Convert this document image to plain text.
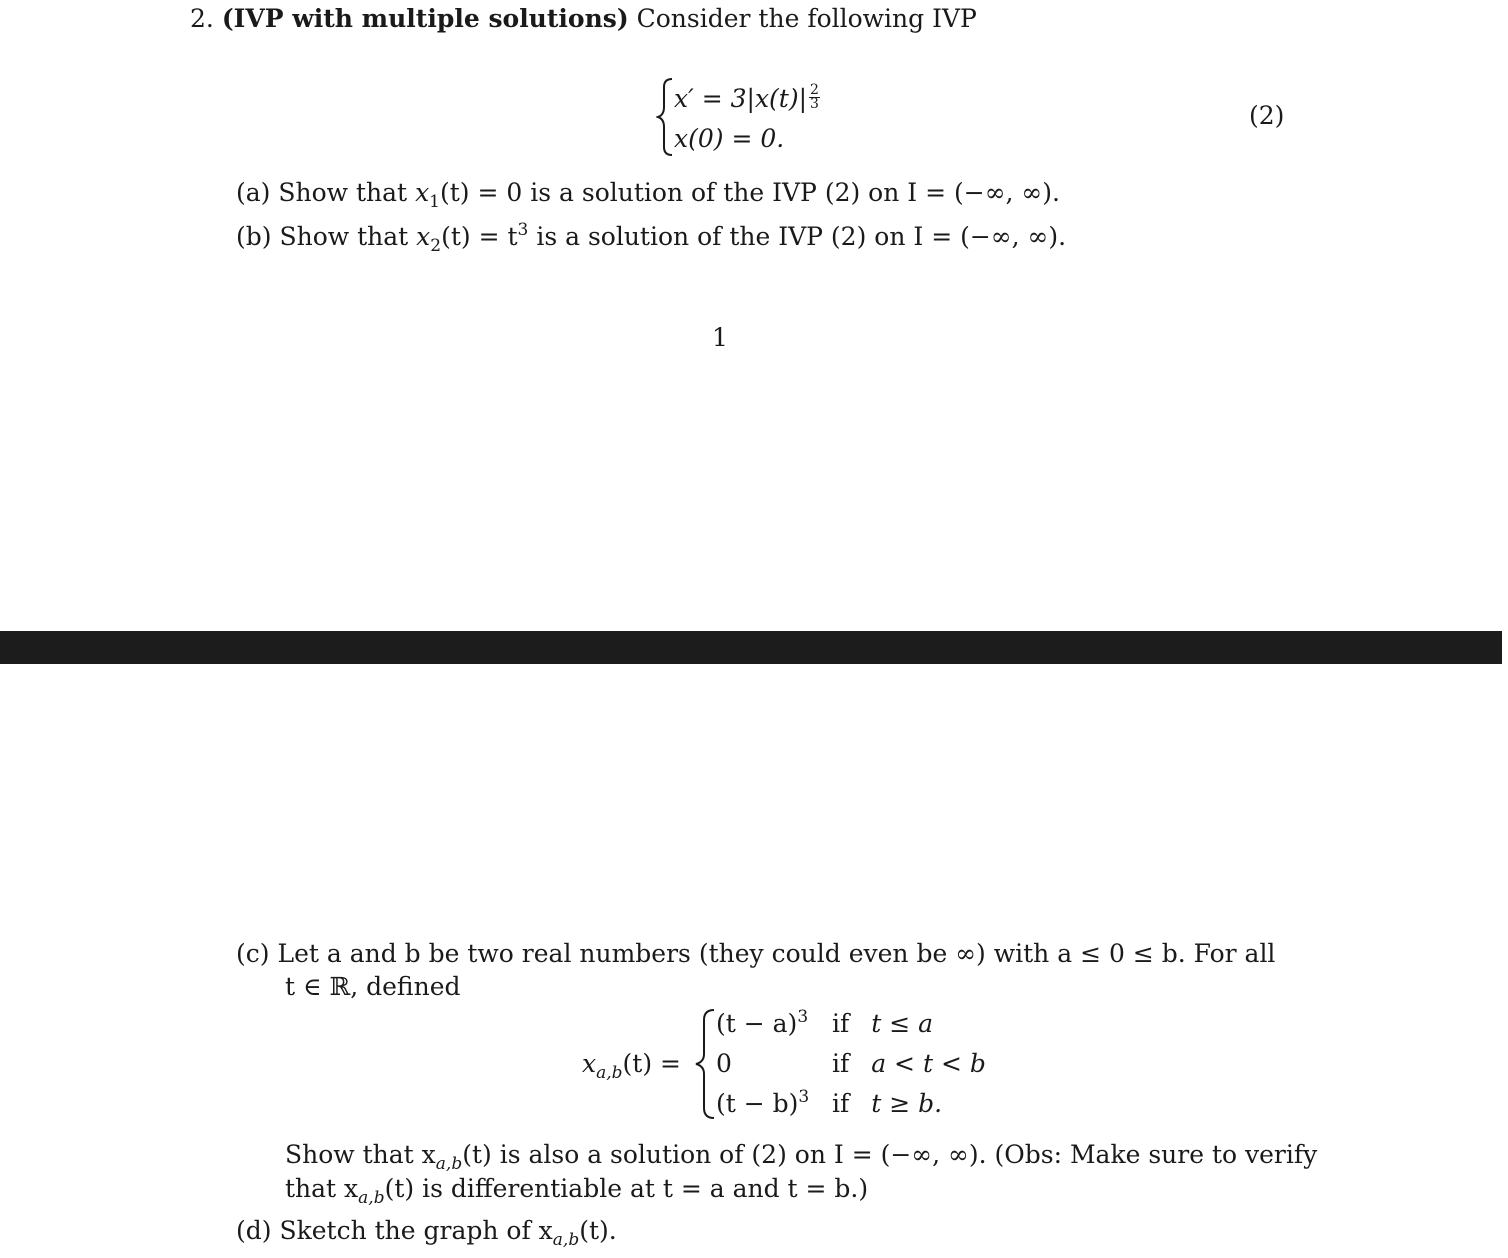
2. (IVP with multiple solutions) Consider the following IVP
$x' = 3|x(t)| \frac{2}{3}$
x(0) = 0.
(2)
(a) Show that $x_1(t) = 0$ is a solution of the IVP (2) on I = (−∞, ∞).
(b) Show that $x_2(t) = t^3$ is a solution of the IVP (2) on I = (−∞, ∞).
1
(c) Let a and b be two real numbers (they could even be ∞) with a ≤ 0 ≤ b. For all
t ∈ ℝ, defined
$x_{a,b}(t)$ =
$(t - a)^3$ if t ≤ a
0	if a < t < b
$(t - b)^3$ if t ≥ b.
Show that $x_{a,b}(t)$ is also a solution of (2) on I = (−∞, ∞). (Obs: Make sure to verify
that $x_{a,b}(t)$ is differentiable at t = a and t = b.)
(d) Sketch the graph of $x_{a,b}(t)$.
